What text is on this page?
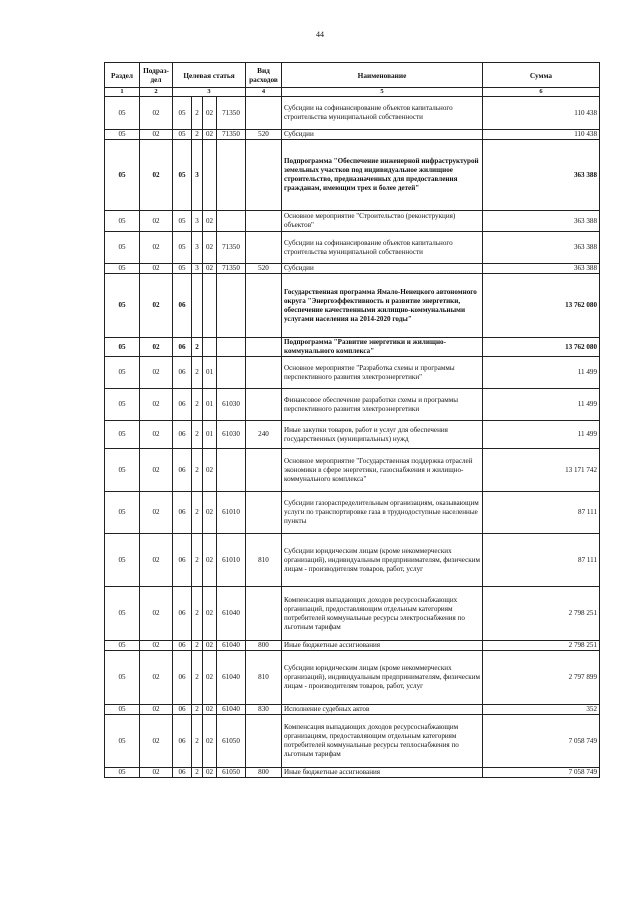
44
Раздел	Подраз-дел	Целевая статья				Вид расходов	Наименование	Сумма
1	2	3				4	5	6
05	02	05	2	02	71350		Субсидии на софинансирование объектов капитального строительства муниципальной собственности	110 438
05	02	05	2	02	71350	520	Субсидии	110 438
05	02	05	3				Подпрограмма "Обеспечение инженерной инфраструктурой земельных участков под индивидуальное жилищное строительство, предназначенных для предоставления гражданам, имеющим трех и более детей"	363 388
05	02	05	3	02			Основное мероприятие "Строительство (реконструкция) объектов"	363 388
05	02	05	3	02	71350		Субсидии на софинансирование объектов капитального строительства муниципальной собственности	363 388
05	02	05	3	02	71350	520	Субсидии	363 388
05	02	06					Государственная программа Ямало-Ненецкого автономного округа "Энергоэффективность и развитие энергетики, обеспечение качественными жилищно-коммунальными услугами населения на 2014-2020 годы"	13 762 080
05	02	06	2				Подпрограмма "Развитие энергетики и жилищно-коммунального комплекса"	13 762 080
05	02	06	2	01			Основное мероприятие "Разработка схемы и программы перспективного развития электроэнергетики"	11 499
05	02	06	2	01	61030		Финансовое обеспечение разработки схемы и программы перспективного развития электроэнергетики	11 499
05	02	06	2	01	61030	240	Иные закупки товаров, работ и услуг для обеспечения государственных (муниципальных) нужд	11 499
05	02	06	2	02			Основное мероприятие "Государственная поддержка отраслей экономики в сфере энергетики, газоснабжения и жилищно-коммунального комплекса"	13 171 742
05	02	06	2	02	61010		Субсидии газораспределительным организациям, оказывающим услуги по транспортировке газа в труднодоступные населенные пункты	87 111
05	02	06	2	02	61010	810	Субсидии юридическим лицам (кроме некоммерческих организаций), индивидуальным предпринимателям, физическим лицам - производителям товаров, работ, услуг	87 111
05	02	06	2	02	61040		Компенсация выпадающих доходов ресурсоснабжающих организаций, предоставляющим отдельным категориям потребителей коммунальные ресурсы электроснабжения по льготным тарифам	2 798 251
05	02	06	2	02	61040	800	Иные бюджетные ассигнования	2 798 251
05	02	06	2	02	61040	810	Субсидии юридическим лицам (кроме некоммерческих организаций), индивидуальным предпринимателям, физическим лицам - производителям товаров, работ, услуг	2 797 899
05	02	06	2	02	61040	830	Исполнение судебных актов	352
05	02	06	2	02	61050		Компенсация выпадающих доходов ресурсоснабжающим организациям, предоставляющим отдельным категориям потребителей коммунальные ресурсы теплоснабжения по льготным тарифам	7 058 749
05	02	06	2	02	61050	800	Иные бюджетные ассигнования	7 058 749
